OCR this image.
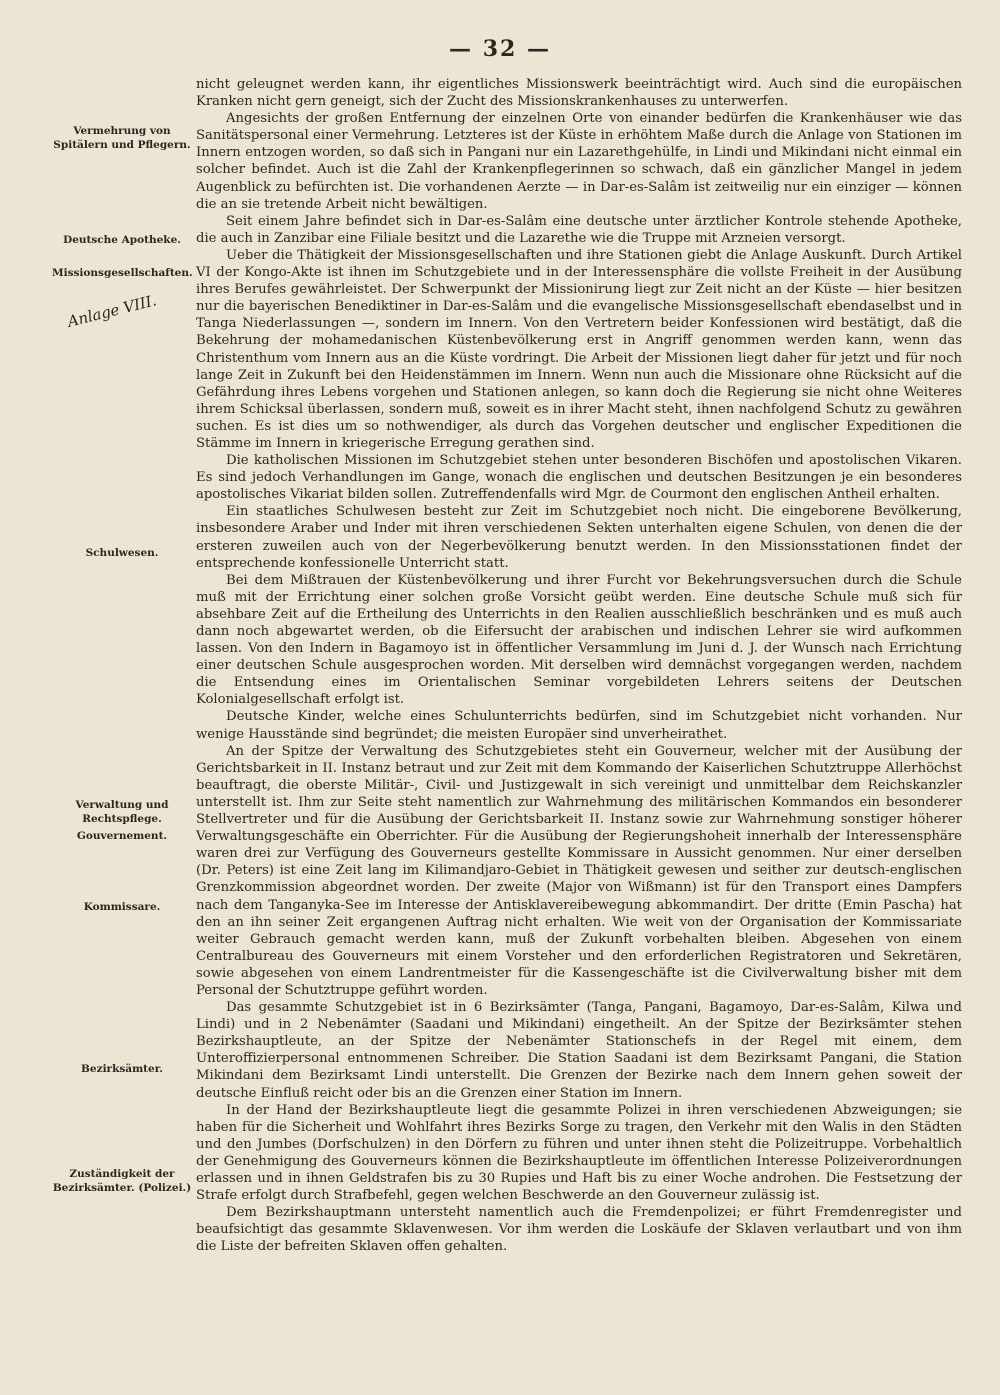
— 32 —
Vermehrung von Spitälern und Pflegern.
Deutsche Apotheke.
Missionsgesellschaften.
Schulwesen.
Verwaltung und Rechtspflege.
Gouvernement.
Kommissare.
Bezirksämter.
Zuständigkeit der Bezirksämter. (Polizei.)
Anlage VIII.

nicht geleugnet werden kann, ihr eigentliches Missionswerk beeinträchtigt wird. Auch sind die europäischen Kranken nicht gern geneigt, sich der Zucht des Missionskrankenhauses zu unterwerfen.

Angesichts der großen Entfernung der einzelnen Orte von einander bedürfen die Krankenhäuser wie das Sanitätspersonal einer Vermehrung. Letzteres ist der Küste in erhöhtem Maße durch die Anlage von Stationen im Innern entzogen worden, so daß sich in Pangani nur ein Lazarethgehülfe, in Lindi und Mikindani nicht einmal ein solcher befindet. Auch ist die Zahl der Krankenpflegerinnen so schwach, daß ein gänzlicher Mangel in jedem Augenblick zu befürchten ist. Die vorhandenen Aerzte — in Dar-es-Salâm ist zeitweilig nur ein einziger — können die an sie tretende Arbeit nicht bewältigen.

Seit einem Jahre befindet sich in Dar-es-Salâm eine deutsche unter ärztlicher Kontrole stehende Apotheke, die auch in Zanzibar eine Filiale besitzt und die Lazarethe wie die Truppe mit Arzneien versorgt.

Ueber die Thätigkeit der Missionsgesellschaften und ihre Stationen giebt die Anlage Auskunft. Durch Artikel VI der Kongo-Akte ist ihnen im Schutzgebiete und in der Interessensphäre die vollste Freiheit in der Ausübung ihres Berufes gewährleistet. Der Schwerpunkt der Missionirung liegt zur Zeit nicht an der Küste — hier besitzen nur die bayerischen Benediktiner in Dar-es-Salâm und die evangelische Missionsgesellschaft ebendaselbst und in Tanga Niederlassungen —, sondern im Innern. Von den Vertretern beider Konfessionen wird bestätigt, daß die Bekehrung der mohamedanischen Küstenbevölkerung erst in Angriff genommen werden kann, wenn das Christenthum vom Innern aus an die Küste vordringt. Die Arbeit der Missionen liegt daher für jetzt und für noch lange Zeit in Zukunft bei den Heidenstämmen im Innern. Wenn nun auch die Missionare ohne Rücksicht auf die Gefährdung ihres Lebens vorgehen und Stationen anlegen, so kann doch die Regierung sie nicht ohne Weiteres ihrem Schicksal überlassen, sondern muß, soweit es in ihrer Macht steht, ihnen nachfolgend Schutz zu gewähren suchen. Es ist dies um so nothwendiger, als durch das Vorgehen deutscher und englischer Expeditionen die Stämme im Innern in kriegerische Erregung gerathen sind.

Die katholischen Missionen im Schutzgebiet stehen unter besonderen Bischöfen und apostolischen Vikaren. Es sind jedoch Verhandlungen im Gange, wonach die englischen und deutschen Besitzungen je ein besonderes apostolisches Vikariat bilden sollen. Zutreffendenfalls wird Mgr. de Courmont den englischen Antheil erhalten.

Ein staatliches Schulwesen besteht zur Zeit im Schutzgebiet noch nicht. Die eingeborene Bevölkerung, insbesondere Araber und Inder mit ihren verschiedenen Sekten unterhalten eigene Schulen, von denen die der ersteren zuweilen auch von der Negerbevölkerung benutzt werden. In den Missionsstationen findet der entsprechende konfessionelle Unterricht statt.

Bei dem Mißtrauen der Küstenbevölkerung und ihrer Furcht vor Bekehrungsversuchen durch die Schule muß mit der Errichtung einer solchen große Vorsicht geübt werden. Eine deutsche Schule muß sich für absehbare Zeit auf die Ertheilung des Unterrichts in den Realien ausschließlich beschränken und es muß auch dann noch abgewartet werden, ob die Eifersucht der arabischen und indischen Lehrer sie wird aufkommen lassen. Von den Indern in Bagamoyo ist in öffentlicher Versammlung im Juni d. J. der Wunsch nach Errichtung einer deutschen Schule ausgesprochen worden. Mit derselben wird demnächst vorgegangen werden, nachdem die Entsendung eines im Orientalischen Seminar vorgebildeten Lehrers seitens der Deutschen Kolonialgesellschaft erfolgt ist.

Deutsche Kinder, welche eines Schulunterrichts bedürfen, sind im Schutzgebiet nicht vorhanden. Nur wenige Hausstände sind begründet; die meisten Europäer sind unverheirathet.

An der Spitze der Verwaltung des Schutzgebietes steht ein Gouverneur, welcher mit der Ausübung der Gerichtsbarkeit in II. Instanz betraut und zur Zeit mit dem Kommando der Kaiserlichen Schutztruppe Allerhöchst beauftragt, die oberste Militär-, Civil- und Justizgewalt in sich vereinigt und unmittelbar dem Reichskanzler unterstellt ist. Ihm zur Seite steht namentlich zur Wahrnehmung des militärischen Kommandos ein besonderer Stellvertreter und für die Ausübung der Gerichtsbarkeit II. Instanz sowie zur Wahrnehmung sonstiger höherer Verwaltungsgeschäfte ein Oberrichter. Für die Ausübung der Regierungshoheit innerhalb der Interessensphäre waren drei zur Verfügung des Gouverneurs gestellte Kommissare in Aussicht genommen. Nur einer derselben (Dr. Peters) ist eine Zeit lang im Kilimandjaro-Gebiet in Thätigkeit gewesen und seither zur deutsch-englischen Grenzkommission abgeordnet worden. Der zweite (Major von Wißmann) ist für den Transport eines Dampfers nach dem Tanganyka-See im Interesse der Antisklavereibewegung abkommandirt. Der dritte (Emin Pascha) hat den an ihn seiner Zeit ergangenen Auftrag nicht erhalten. Wie weit von der Organisation der Kommissariate weiter Gebrauch gemacht werden kann, muß der Zukunft vorbehalten bleiben. Abgesehen von einem Centralbureau des Gouverneurs mit einem Vorsteher und den erforderlichen Registratoren und Sekretären, sowie abgesehen von einem Landrentmeister für die Kassengeschäfte ist die Civilverwaltung bisher mit dem Personal der Schutztruppe geführt worden.

Das gesammte Schutzgebiet ist in 6 Bezirksämter (Tanga, Pangani, Bagamoyo, Dar-es-Salâm, Kilwa und Lindi) und in 2 Nebenämter (Saadani und Mikindani) eingetheilt. An der Spitze der Bezirksämter stehen Bezirkshauptleute, an der Spitze der Nebenämter Stationschefs in der Regel mit einem, dem Unteroffizierpersonal entnommenen Schreiber. Die Station Saadani ist dem Bezirksamt Pangani, die Station Mikindani dem Bezirksamt Lindi unterstellt. Die Grenzen der Bezirke nach dem Innern gehen soweit der deutsche Einfluß reicht oder bis an die Grenzen einer Station im Innern.

In der Hand der Bezirkshauptleute liegt die gesammte Polizei in ihren verschiedenen Abzweigungen; sie haben für die Sicherheit und Wohlfahrt ihres Bezirks Sorge zu tragen, den Verkehr mit den Walis in den Städten und den Jumbes (Dorfschulzen) in den Dörfern zu führen und unter ihnen steht die Polizeitruppe. Vorbehaltlich der Genehmigung des Gouverneurs können die Bezirkshauptleute im öffentlichen Interesse Polizeiverordnungen erlassen und in ihnen Geldstrafen bis zu 30 Rupies und Haft bis zu einer Woche androhen. Die Festsetzung der Strafe erfolgt durch Strafbefehl, gegen welchen Beschwerde an den Gouverneur zulässig ist.

Dem Bezirkshauptmann untersteht namentlich auch die Fremdenpolizei; er führt Fremdenregister und beaufsichtigt das gesammte Sklavenwesen. Vor ihm werden die Loskäufe der Sklaven verlautbart und von ihm die Liste der befreiten Sklaven offen gehalten.
